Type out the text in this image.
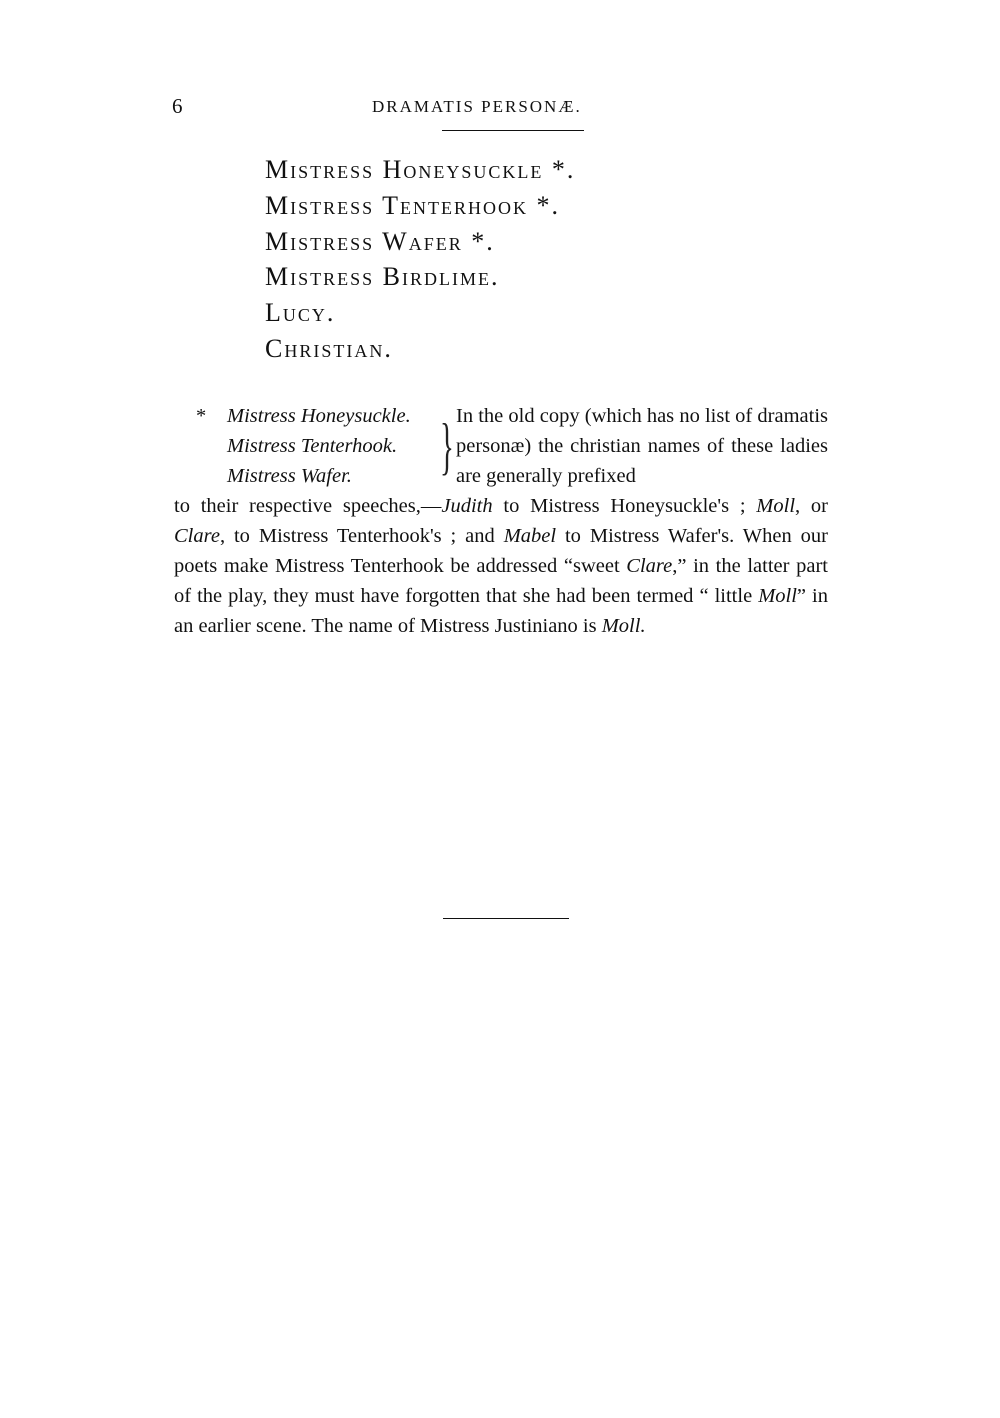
6	DRAMATIS PERSONÆ.
Mistress Honeysuckle *.
Mistress Tenterhook *.
Mistress Wafer *.
Mistress Birdlime.
Lucy.
Christian.
* Mistress Honeysuckle.
Mistress Tenterhook.
Mistress Wafer.	} In the old copy (which has no list of dramatis personæ) the christian names of these ladies are generally prefixed
to their respective speeches,—Judith to Mistress Honeysuckle's ; Moll, or Clare, to Mistress Tenterhook's ; and Mabel to Mistress Wafer's. When our poets make Mistress Tenterhook be addressed “sweet Clare,” in the latter part of the play, they must have forgotten that she had been termed “ little Moll” in an earlier scene. The name of Mistress Justiniano is Moll.
